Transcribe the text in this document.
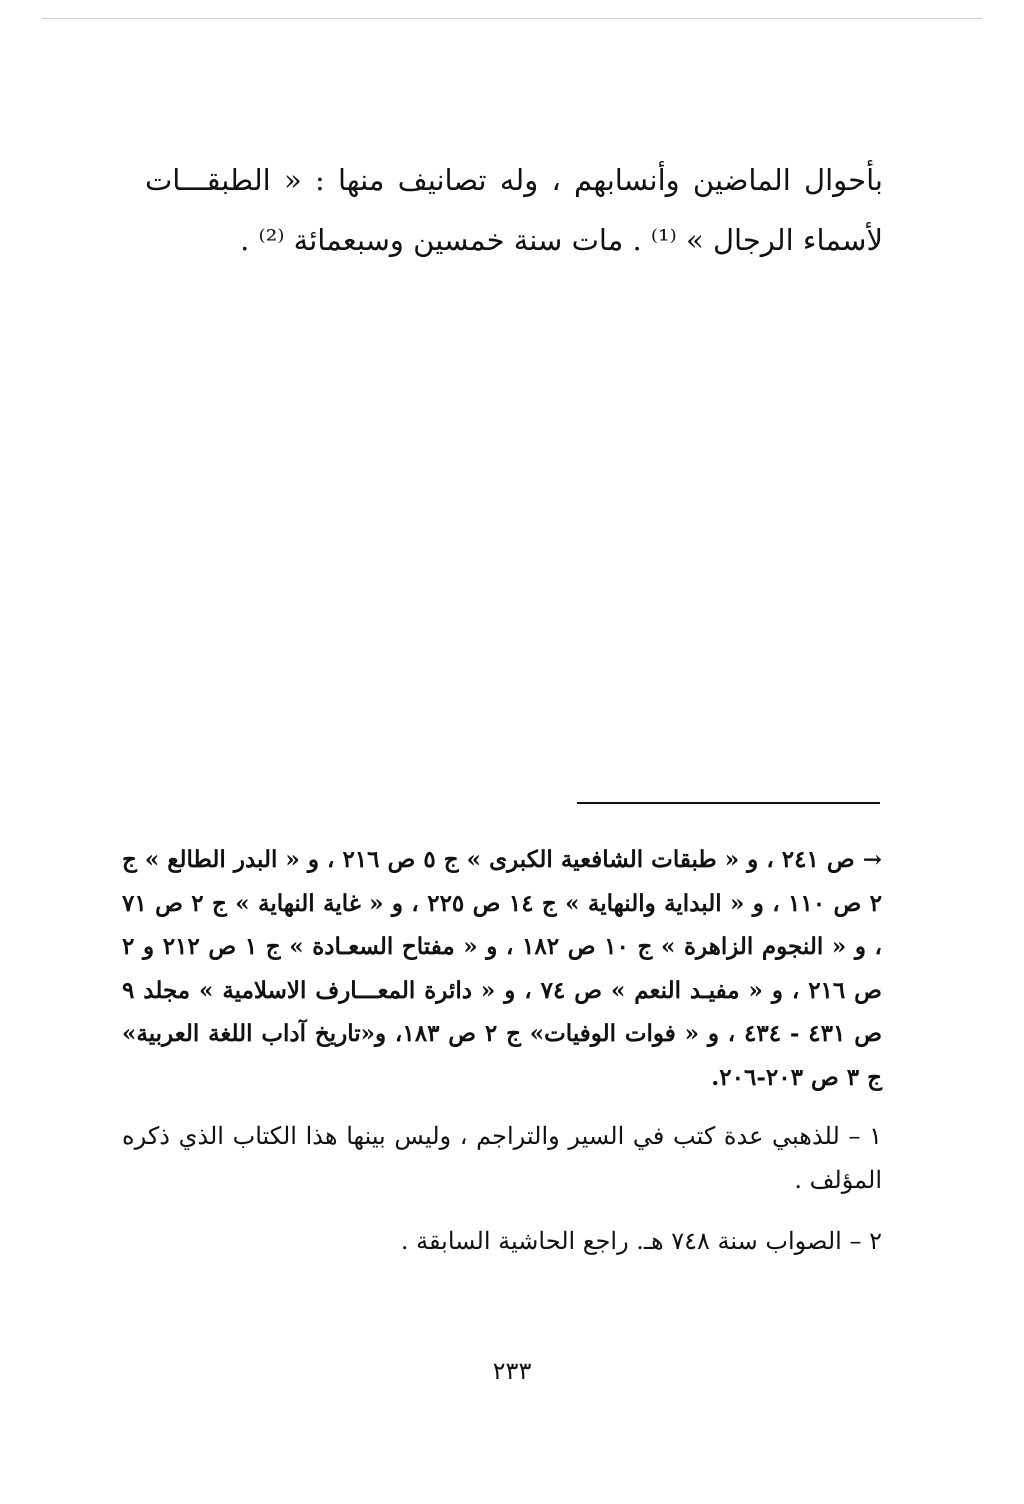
بأحوال الماضين وأنسابهم ، وله تصانيف منها : « الطبقـــات لأسماء الرجال » ⁽¹⁾ . مات سنة خمسين وسبعمائة ⁽²⁾ .

→ ص ٢٤١ ، و « طبقات الشافعية الكبرى » ج ٥ ص ٢١٦ ، و « البدر الطالع » ج ٢ ص ١١٠ ، و « البداية والنهاية » ج ١٤ ص ٢٢٥ ، و « غاية النهاية » ج ٢ ص ٧١ ، و « النجوم الزاهرة » ج ١٠ ص ١٨٢ ، و « مفتاح السعـادة » ج ١ ص ٢١٢ و ٢ ص ٢١٦ ، و « مفيـد النعم » ص ٧٤ ، و « دائرة المعـــارف الاسلامية » مجلد ٩ ص ٤٣١ - ٤٣٤ ، و « فوات الوفيات» ج ٢ ص ١٨٣، و«تاريخ آداب اللغة العربية» ج ٣ ص ٢٠٣-٢٠٦.

١ – للذهبي عدة كتب في السير والتراجم ، وليس بينها هذا الكتاب الذي ذكره المؤلف .

٢ – الصواب سنة ٧٤٨ هـ. راجع الحاشية السابقة .

٢٣٣
